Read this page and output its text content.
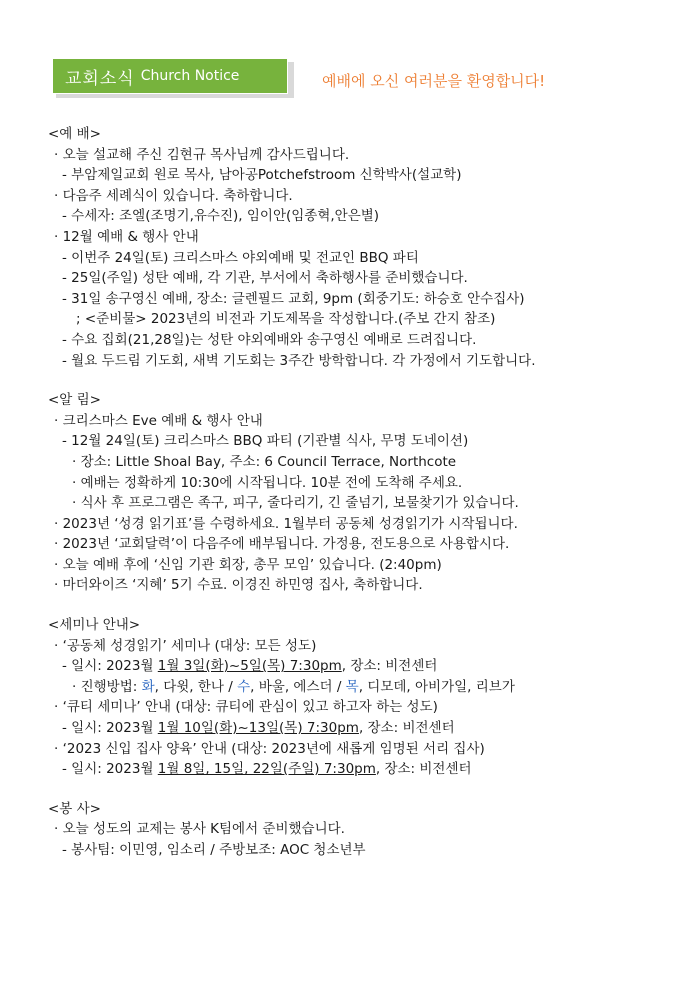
교회소식 Church Notice	예배에 오신 여러분을 환영합니다!

<예 배>

· 오늘 설교해 주신 김현규 목사님께 감사드립니다.

- 부암제일교회 원로 목사, 남아공Potchefstroom 신학박사(설교학)

· 다음주 세례식이 있습니다. 축하합니다.

- 수세자: 조엘(조명기,유수진), 임이안(임종혁,안은별)

· 12월 예배 & 행사 안내

- 이번주 24일(토) 크리스마스 야외예배 및 전교인 BBQ 파티

- 25일(주일) 성탄 예배, 각 기관, 부서에서 축하행사를 준비했습니다.

- 31일 송구영신 예배, 장소: 글렌필드 교회, 9pm (회중기도: 하승호 안수집사)

; <준비물> 2023년의 비전과 기도제목을 작성합니다.(주보 간지 참조)

- 수요 집회(21,28일)는 성탄 야외예배와 송구영신 예배로 드려집니다.

- 월요 두드림 기도회, 새벽 기도회는 3주간 방학합니다. 각 가정에서 기도합니다.

<알 림>

· 크리스마스 Eve 예배 & 행사 안내

- 12월 24일(토) 크리스마스 BBQ 파티 (기관별 식사, 무명 도네이션)

· 장소: Little Shoal Bay, 주소: 6 Council Terrace, Northcote

· 예배는 정확하게 10:30에 시작됩니다. 10분 전에 도착해 주세요.

· 식사 후 프로그램은 족구, 피구, 줄다리기, 긴 줄넘기, 보물찾기가 있습니다.

· 2023년 ‘성경 읽기표’를 수령하세요. 1월부터 공동체 성경읽기가 시작됩니다.

· 2023년 ‘교회달력’이 다음주에 배부됩니다. 가정용, 전도용으로 사용합시다.

· 오늘 예배 후에 ‘신임 기관 회장, 총무 모임’ 있습니다. (2:40pm)

· 마더와이즈 ‘지혜’ 5기 수료. 이경진 하민영 집사, 축하합니다.

<세미나 안내>

· ‘공동체 성경읽기’ 세미나 (대상: 모든 성도)

- 일시: 2023월 1월 3일(화)~5일(목) 7:30pm, 장소: 비전센터

· 진행방법: 화, 다윗, 한나 / 수, 바울, 에스더 / 목, 디모데, 아비가일, 리브가

· ‘큐티 세미나’ 안내 (대상: 큐티에 관심이 있고 하고자 하는 성도)

- 일시: 2023월 1월 10일(화)~13일(목) 7:30pm, 장소: 비전센터

· ‘2023 신입 집사 양육’ 안내 (대상: 2023년에 새롭게 임명된 서리 집사)

- 일시: 2023월 1월 8일, 15일, 22일(주일) 7:30pm, 장소: 비전센터

<봉 사>

· 오늘 성도의 교제는 봉사 K팀에서 준비했습니다.

- 봉사팀: 이민영, 임소리 / 주방보조: AOC 청소년부
